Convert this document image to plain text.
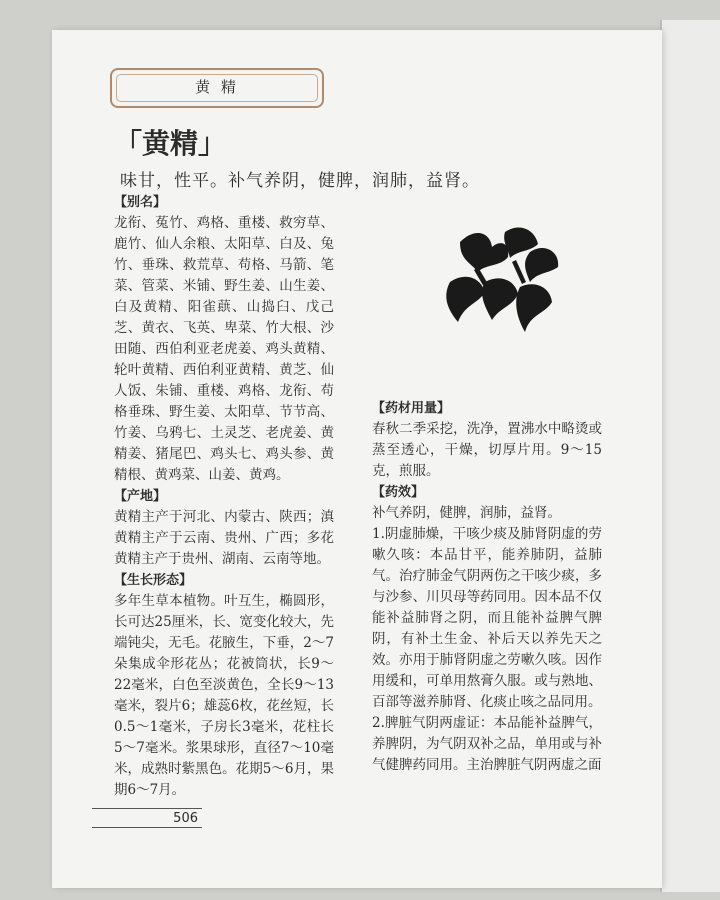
黄 精
「黄精」
味甘，性平。补气养阴，健脾，润肺，益肾。
【别名】
龙衔、菟竹、鸡格、重楼、救穷草、鹿竹、仙人余粮、太阳草、白及、兔竹、垂珠、救荒草、苟格、马箭、笔菜、管菜、米铺、野生姜、山生姜、白及黄精、阳雀蕻、山捣臼、戊己芝、黄衣、飞英、卑菜、竹大根、沙田随、西伯利亚老虎姜、鸡头黄精、轮叶黄精、西伯利亚黄精、黄芝、仙人饭、朱铺、重楼、鸡格、龙衔、苟格垂珠、野生姜、太阳草、节节高、竹姜、乌鸦七、土灵芝、老虎姜、黄精姜、猪尾巴、鸡头七、鸡头参、黄精根、黄鸡菜、山姜、黄鸡。
【产地】
黄精主产于河北、内蒙古、陕西；滇黄精主产于云南、贵州、广西；多花黄精主产于贵州、湖南、云南等地。
【生长形态】
多年生草本植物。叶互生，椭圆形，长可达25厘米，长、宽变化较大，先端钝尖，无毛。花腋生，下垂，2～7朵集成伞形花丛；花被筒状，长9～22毫米，白色至淡黄色，全长9～13毫米，裂片6；雄蕊6枚，花丝短，长0.5～1毫米，子房长3毫米，花柱长5～7毫米。浆果球形，直径7～10毫米，成熟时紫黑色。花期5～6月，果期6～7月。
【药材用量】
春秋二季采挖，洗净，置沸水中略烫或蒸至透心，干燥，切厚片用。9～15克，煎服。
【药效】
补气养阴，健脾，润肺，益肾。
1.阴虚肺燥，干咳少痰及肺肾阴虚的劳嗽久咳：本品甘平，能养肺阴，益肺气。治疗肺金气阴两伤之干咳少痰，多与沙参、川贝母等药同用。因本品不仅能补益肺肾之阴，而且能补益脾气脾阴，有补土生金、补后天以养先天之效。亦用于肺肾阴虚之劳嗽久咳。因作用缓和，可单用熬膏久服。或与熟地、百部等滋养肺肾、化痰止咳之品同用。
2.脾脏气阴两虚证：本品能补益脾气，养脾阴，为气阴双补之品，单用或与补气健脾药同用。主治脾脏气阴两虚之面
506
